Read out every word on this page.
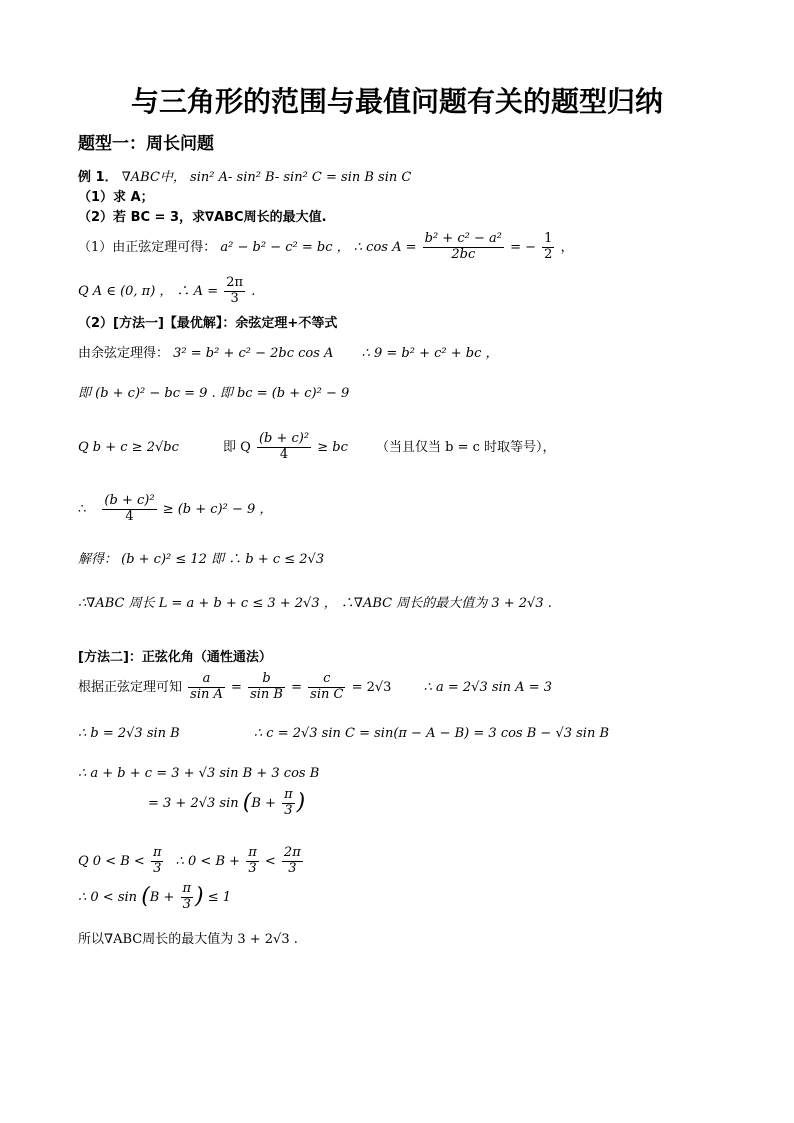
与三角形的范围与最值问题有关的题型归纳
题型一：周长问题
例 1． ∇ABC中， sin² A- sin² B- sin² C = sin B sin C
（1）求 A；
（2）若 BC = 3，求∇ABC周长的最大值.
（1）由正弦定理可得： a² − b² − c² = bc ， ∴ $\cos A = \frac{\text{b² + c² − a²}}{2bc}$ = − $\frac{1}{2}$ ，
Q A ∈ (0, π) ， ∴ $A = \frac{2\pi}{3}$ .
（2）[方法一]【最优解】：余弦定理+不等式
由余弦定理得： 3² = b² + c² − 2bc cos A ∴ 9 = b² + c² + bc ，
即 (b + c)² − bc = 9 . 即 bc = (b + c)² − 9
Q b + c ≥ 2√bc	即 Q $\frac{\text{(b + c)²}}{4}$ ≥ bc （当且仅当 b = c 时取等号），
∴ $\frac{\text{(b + c)²}}{4} \ge (b + c)^2 - 9$ ，
解得： (b + c)² ≤ 12 即 ∴ b + c ≤ 2√3
∴∇ABC 周长 L = a + b + c ≤ 3 + 2√3 ， ∴∇ABC 周长的最大值为 3 + 2√3 .
[方法二]：正弦化角（通性通法）
根据正弦定理可知 $\frac{a}{\text{sin A}} = \frac{b}{\text{sin B}} = \frac{c}{\text{sin C}} = 2√3$ ∴ a = 2√3 sin A = 3
∴ b = 2√3 sin B	∴ c = 2√3 sin C = sin(π − A − B) = 3 cos B − √3 sin B
∴ a + b + c = 3 + √3 sin B + 3 cos B
= 3 + 2√3 $\sin (B + \frac{\pi}{3}$ )
Q $0 < B < \frac{\pi}{3}$ ∴ $0 < B + \frac{\pi}{3} < \frac{2\pi}{3}$
∴ $0 < \sin (B + \frac{\pi}{3}$ ) ≤ 1
所以∇ABC周长的最大值为 3 + 2√3 .
